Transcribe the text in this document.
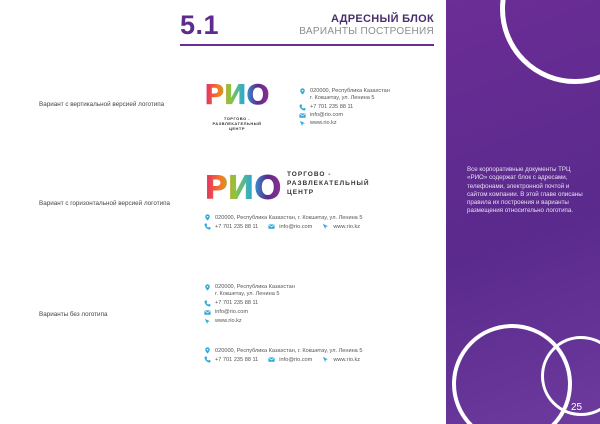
5.1	АДРЕСНЫЙ БЛОК
ВАРИАНТЫ ПОСТРОЕНИЯ
Все корпоративные документы ТРЦ «РИО» содержат блок с адресами, телефонами, электронной почтой и сайтом компании. В этой главе описаны правила их построения и варианты размещения относительно логотипа.
25
Вариант с вертикальной версией логотипа
Вариант с горизонтальной версией логотипа
Варианты без логотипа
РИО
ТОРГОВО - РАЗВЛЕКАТЕЛЬНЫЙ
ЦЕНТР
020000, Республика Казахстан
г. Кокшетау, ул. Ленина 5
+7 701 235 88 11
info@rio.com
www.rio.kz
РИО ТОРГОВО -
РАЗВЛЕКАТЕЛЬНЫЙ
ЦЕНТР
020000, Республика Казахстан, г. Кокшетау, ул. Ленина 5
+7 701 235 88 11	info@rio.com	www.rio.kz
020000, Республика Казахстан
г. Кокшетау, ул. Ленина 5
+7 701 235 88 11
info@rio.com
www.rio.kz
020000, Республика Казахстан, г. Кокшетау, ул. Ленина 5
+7 701 235 88 11	info@rio.com	www.rio.kz
